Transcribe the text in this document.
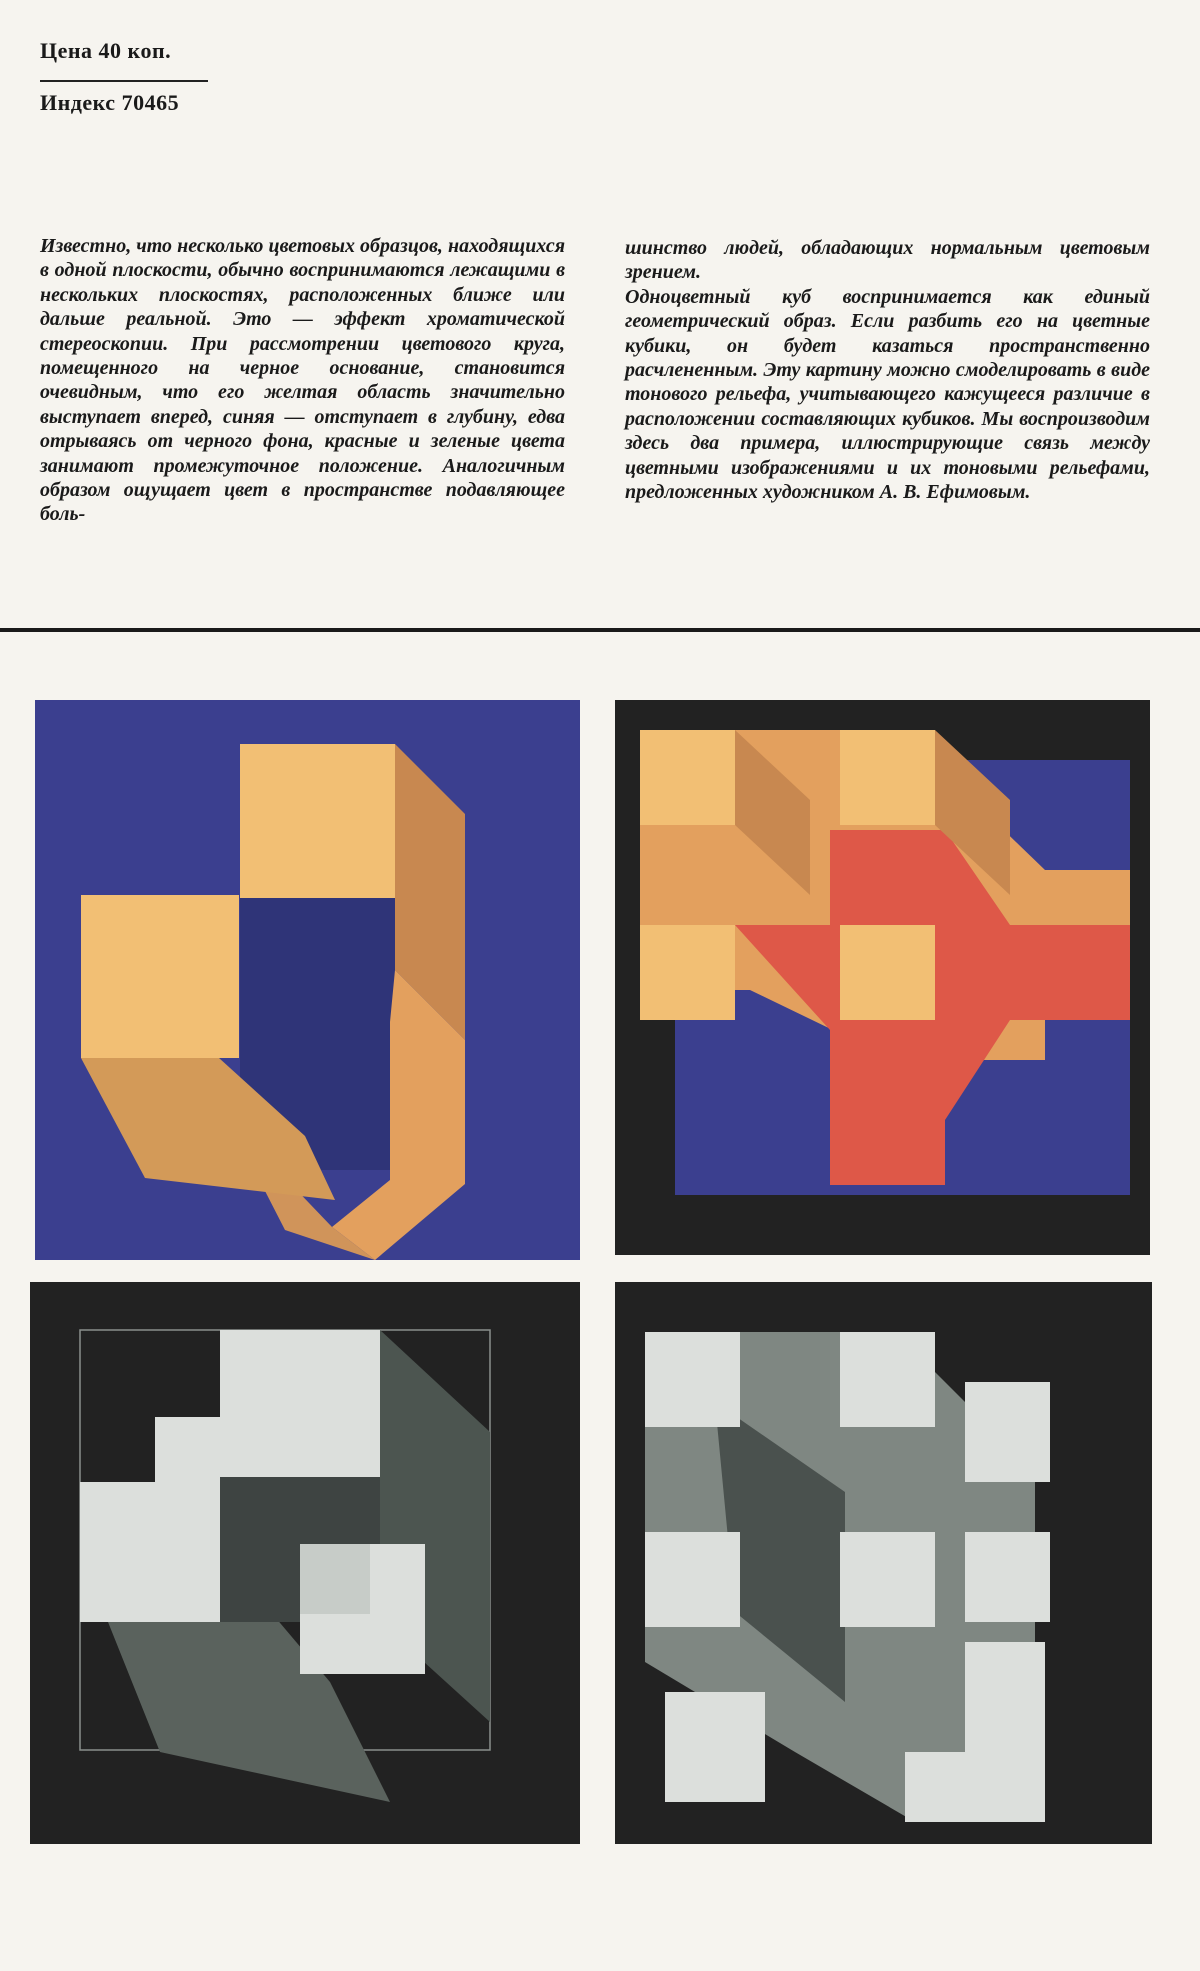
Цена 40 коп.
Индекс 70465

Известно, что несколько цветовых образцов, находящихся в одной плоскости, обычно воспринимаются лежащими в нескольких плоскостях, расположенных ближе или дальше реальной. Это — эффект хроматической стереоскопии. При рассмотрении цветового круга, помещенного на черное основание, становится очевидным, что его желтая область значительно выступает вперед, синяя — отступает в глубину, едва отрываясь от черного фона, красные и зеленые цвета занимают промежуточное положение. Аналогичным образом ощущает цвет в пространстве подавляющее боль-

шинство людей, обладающих нормальным цветовым зрением.

Одноцветный куб воспринимается как единый геометрический образ. Если разбить его на цветные кубики, он будет казаться пространственно расчлененным. Эту картину можно смоделировать в виде тонового рельефа, учитывающего кажущееся различие в расположении составляющих кубиков. Мы воспроизводим здесь два примера, иллюстрирующие связь между цветными изображениями и их тоновыми рельефами, предложенных художником А. В. Ефимовым.
